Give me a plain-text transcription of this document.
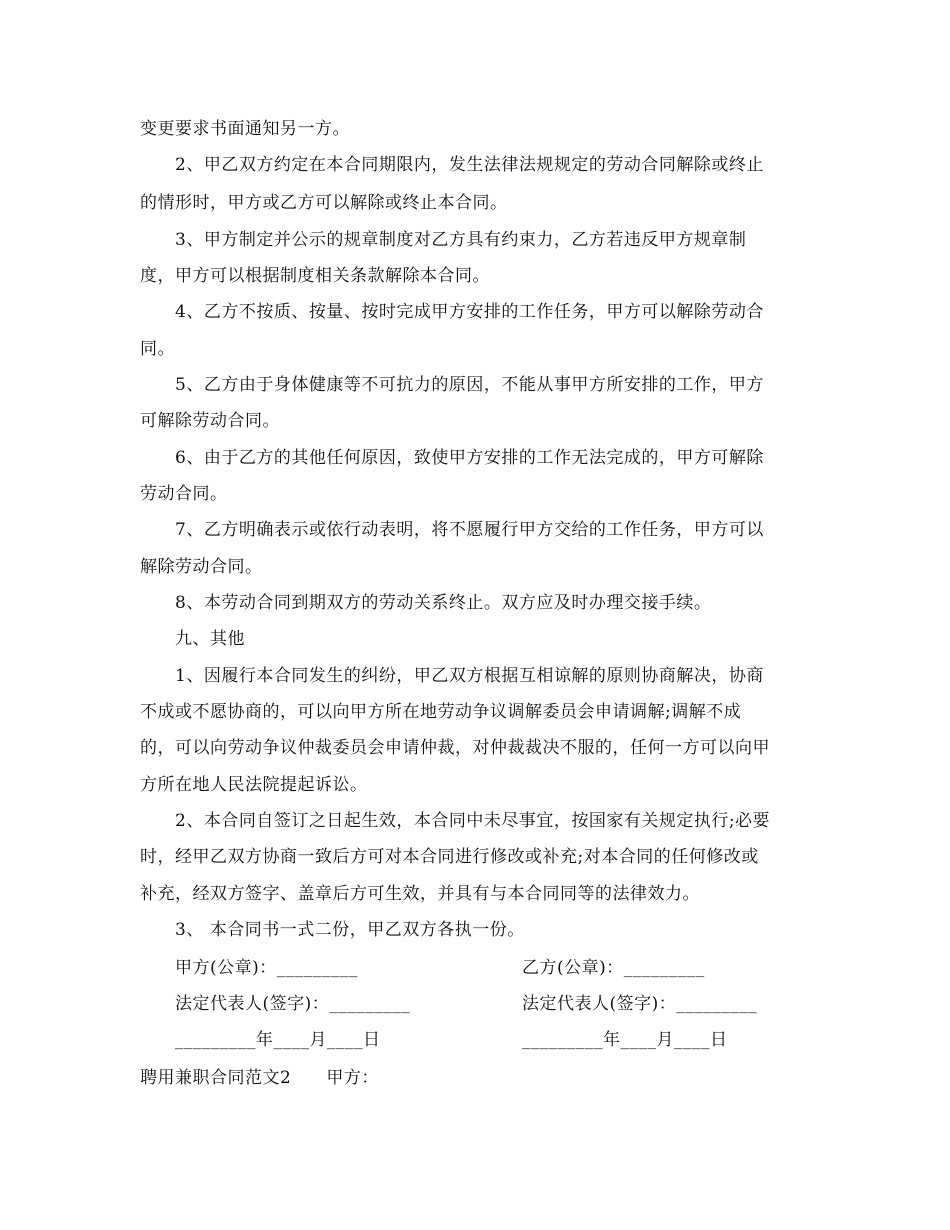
变更要求书面通知另一方。
2、甲乙双方约定在本合同期限内，发生法律法规规定的劳动合同解除或终止
的情形时，甲方或乙方可以解除或终止本合同。
3、甲方制定并公示的规章制度对乙方具有约束力，乙方若违反甲方规章制
度，甲方可以根据制度相关条款解除本合同。
4、乙方不按质、按量、按时完成甲方安排的工作任务，甲方可以解除劳动合
同。
5、乙方由于身体健康等不可抗力的原因，不能从事甲方所安排的工作，甲方
可解除劳动合同。
6、由于乙方的其他任何原因，致使甲方安排的工作无法完成的，甲方可解除
劳动合同。
7、乙方明确表示或依行动表明，将不愿履行甲方交给的工作任务，甲方可以
解除劳动合同。
8、本劳动合同到期双方的劳动关系终止。双方应及时办理交接手续。
九、其他
1、因履行本合同发生的纠纷，甲乙双方根据互相谅解的原则协商解决，协商
不成或不愿协商的，可以向甲方所在地劳动争议调解委员会申请调解;调解不成
的，可以向劳动争议仲裁委员会申请仲裁，对仲裁裁决不服的，任何一方可以向甲
方所在地人民法院提起诉讼。
2、本合同自签订之日起生效，本合同中未尽事宜，按国家有关规定执行;必要
时，经甲乙双方协商一致后方可对本合同进行修改或补充;对本合同的任何修改或
补充，经双方签字、盖章后方可生效，并具有与本合同同等的法律效力。
3、 本合同书一式二份，甲乙双方各执一份。
甲方(公章)：_________	乙方(公章)：_________
法定代表人(签字)：_________	法定代表人(签字)：_________
_________年____月____日	_________年____月____日
聘用兼职合同范文2　　甲方：
